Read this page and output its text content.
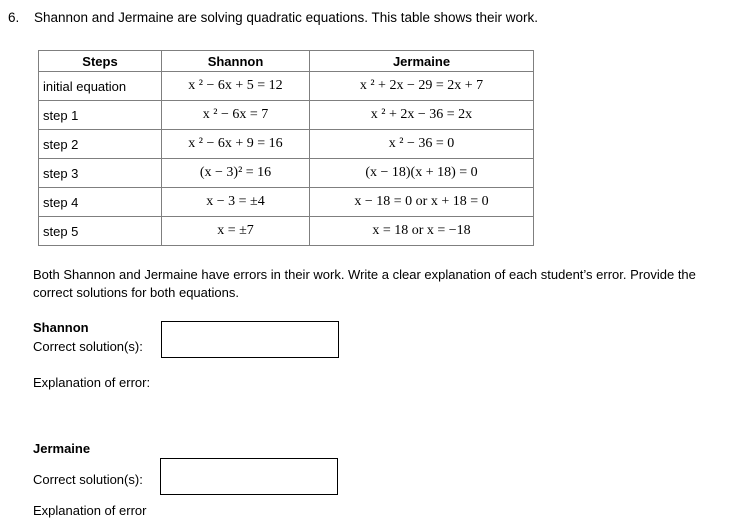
6. Shannon and Jermaine are solving quadratic equations. This table shows their work.
Steps	Shannon	Jermaine
initial equation	x ² − 6x + 5 = 12	x ² + 2x − 29 = 2x + 7
step 1	x ² − 6x = 7	x ² + 2x − 36 = 2x
step 2	x ² − 6x + 9 = 16	x ² − 36 = 0
step 3	(x − 3)² = 16	(x − 18)(x + 18) = 0
step 4	x − 3 = ±4	x − 18 = 0 or x + 18 = 0
step 5	x = ±7	x = 18 or x = −18
Both Shannon and Jermaine have errors in their work. Write a clear explanation of each student’s error. Provide the correct solutions for both equations.
Shannon
Correct solution(s):
Explanation of error:
Jermaine
Correct solution(s):
Explanation of error
